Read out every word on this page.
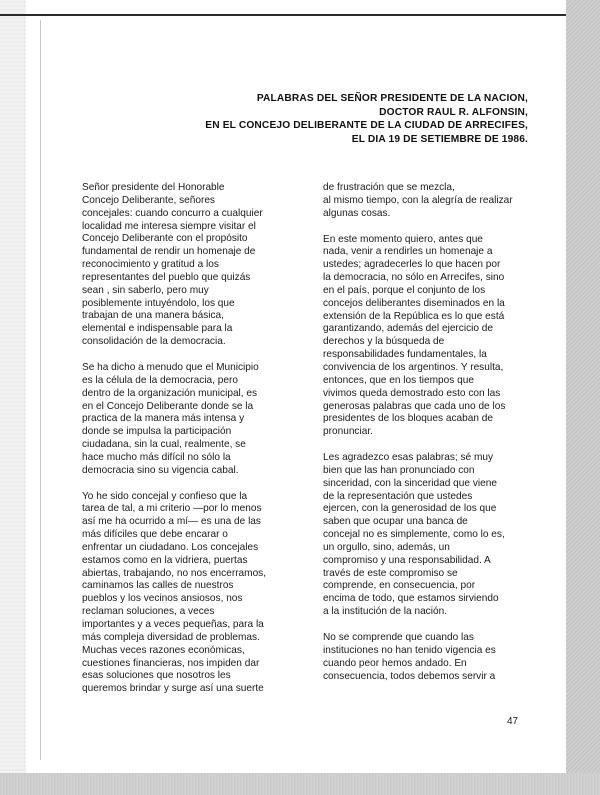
PALABRAS DEL SEÑOR PRESIDENTE DE LA NACION,
DOCTOR RAUL R. ALFONSIN,
EN EL CONCEJO DELIBERANTE DE LA CIUDAD DE ARRECIFES,
EL DIA 19 DE SETIEMBRE DE 1986.

Señor presidente del Honorable
Concejo Deliberante, señores
concejales: cuando concurro a cualquier
localidad me interesa siempre visitar el
Concejo Deliberante con el propósito
fundamental de rendir un homenaje de
reconocimiento y gratitud a los
representantes del pueblo que quizás
sean , sin saberlo, pero muy
posiblemente intuyéndolo, los que
trabajan de una manera básica,
elemental e indispensable para la
consolidación de la democracia.

Se ha dicho a menudo que el Municipio
es la célula de la democracia, pero
dentro de la organización municipal, es
en el Concejo Deliberante donde se la
practica de la manera más intensa y
donde se impulsa la participación
ciudadana, sin la cual, realmente, se
hace mucho más difícil no sólo la
democracia sino su vigencia cabal.

Yo he sido concejal y confieso que la
tarea de tal, a mi criterio —por lo menos
así me ha ocurrido a mí— es una de las
más difíciles que debe encarar o
enfrentar un ciudadano. Los concejales
estamos como en la vidriera, puertas
abiertas, trabajando, no nos encerramos,
caminamos las calles de nuestros
pueblos y los vecinos ansiosos, nos
reclaman soluciones, a veces
importantes y a veces pequeñas, para la
más compleja diversidad de problemas.
Muchas veces razones económicas,
cuestiones financieras, nos impiden dar
esas soluciones que nosotros les
queremos brindar y surge así una suerte

de frustración que se mezcla,
al mismo tiempo, con la alegría de realizar
algunas cosas.

En este momento quiero, antes que
nada, venir a rendirles un homenaje a
ustedes; agradecerles lo que hacen por
la democracia, no sólo en Arrecifes, sino
en el país, porque el conjunto de los
concejos deliberantes diseminados en la
extensión de la República es lo que está
garantizando, además del ejercicio de
derechos y la búsqueda de
responsabilidades fundamentales, la
convivencia de los argentinos. Y resulta,
entonces, que en los tiempos que
vivimos queda demostrado esto con las
generosas palabras que cada uno de los
presidentes de los bloques acaban de
pronunciar.

Les agradezco esas palabras; sé muy
bien que las han pronunciado con
sinceridad, con la sinceridad que viene
de la representación que ustedes
ejercen, con la generosidad de los que
saben que ocupar una banca de
concejal no es simplemente, como lo es,
un orgullo, sino, además, un
compromiso y una responsabilidad. A
través de este compromiso se
comprende, en consecuencia, por
encima de todo, que estamos sirviendo
a la institución de la nación.

No se comprende que cuando las
instituciones no han tenido vigencia es
cuando peor hemos andado. En
consecuencia, todos debemos servir a

47
